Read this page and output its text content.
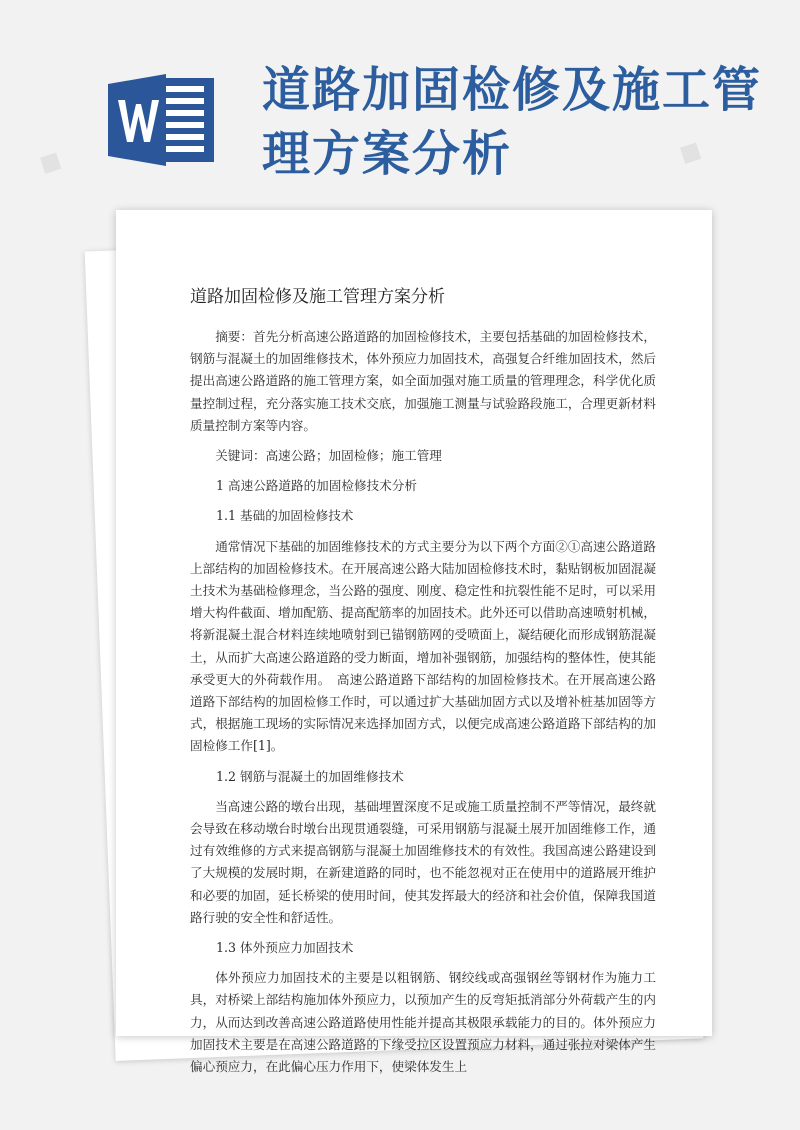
道路加固检修及施工管理方案分析
■	■
道路加固检修及施工管理方案分析

摘要：首先分析高速公路道路的加固检修技术，主要包括基础的加固检修技术，钢筋与混凝土的加固维修技术，体外预应力加固技术，高强复合纤维加固技术，然后提出高速公路道路的施工管理方案，如全面加强对施工质量的管理理念，科学优化质量控制过程，充分落实施工技术交底，加强施工测量与试验路段施工，合理更新材料质量控制方案等内容。

关键词：高速公路；加固检修；施工管理

1 高速公路道路的加固检修技术分析
1.1 基础的加固检修技术

通常情况下基础的加固维修技术的方式主要分为以下两个方面②①高速公路道路上部结构的加固检修技术。在开展高速公路大陆加固检修技术时，黏贴钢板加固混凝土技术为基础检修理念，当公路的强度、刚度、稳定性和抗裂性能不足时，可以采用增大构件截面、增加配筋、提高配筋率的加固技术。此外还可以借助高速喷射机械，将新混凝土混合材料连续地喷射到已锚钢筋网的受喷面上，凝结硬化而形成钢筋混凝土，从而扩大高速公路道路的受力断面，增加补强钢筋，加强结构的整体性，使其能承受更大的外荷载作用。　高速公路道路下部结构的加固检修技术。在开展高速公路道路下部结构的加固检修工作时，可以通过扩大基础加固方式以及增补桩基加固等方式，根据施工现场的实际情况来选择加固方式，以便完成高速公路道路下部结构的加固检修工作[1]。

1.2 钢筋与混凝土的加固维修技术

当高速公路的墩台出现，基础埋置深度不足或施工质量控制不严等情况，最终就会导致在移动墩台时墩台出现贯通裂缝，可采用钢筋与混凝土展开加固维修工作，通过有效维修的方式来提高钢筋与混凝土加固维修技术的有效性。我国高速公路建设到了大规模的发展时期，在新建道路的同时，也不能忽视对正在使用中的道路展开维护和必要的加固，延长桥梁的使用时间，使其发挥最大的经济和社会价值，保障我国道路行驶的安全性和舒适性。

1.3 体外预应力加固技术

体外预应力加固技术的主要是以粗钢筋、钢绞线或高强钢丝等钢材作为施力工具，对桥梁上部结构施加体外预应力，以预加产生的反弯矩抵消部分外荷载产生的内力，从而达到改善高速公路道路使用性能并提高其极限承载能力的目的。体外预应力加固技术主要是在高速公路道路的下缘受拉区设置预应力材料，通过张拉对梁体产生偏心预应力，在此偏心压力作用下，使梁体发生上
